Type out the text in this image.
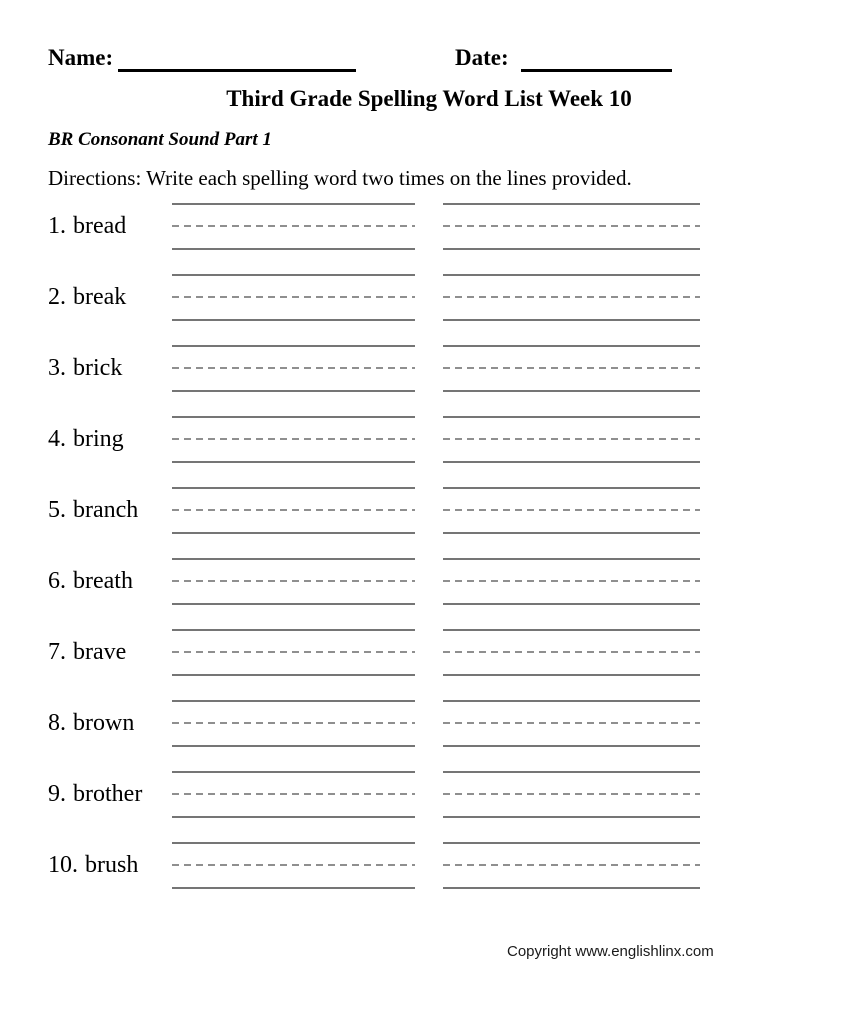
Name:	Date:
Third Grade Spelling Word List Week 10
BR Consonant Sound Part 1
Directions: Write each spelling word two times on the lines provided.
1. bread
2. break
3. brick
4. bring
5. branch
6. breath
7. brave
8. brown
9. brother
10. brush
Copyright www.englishlinx.com
